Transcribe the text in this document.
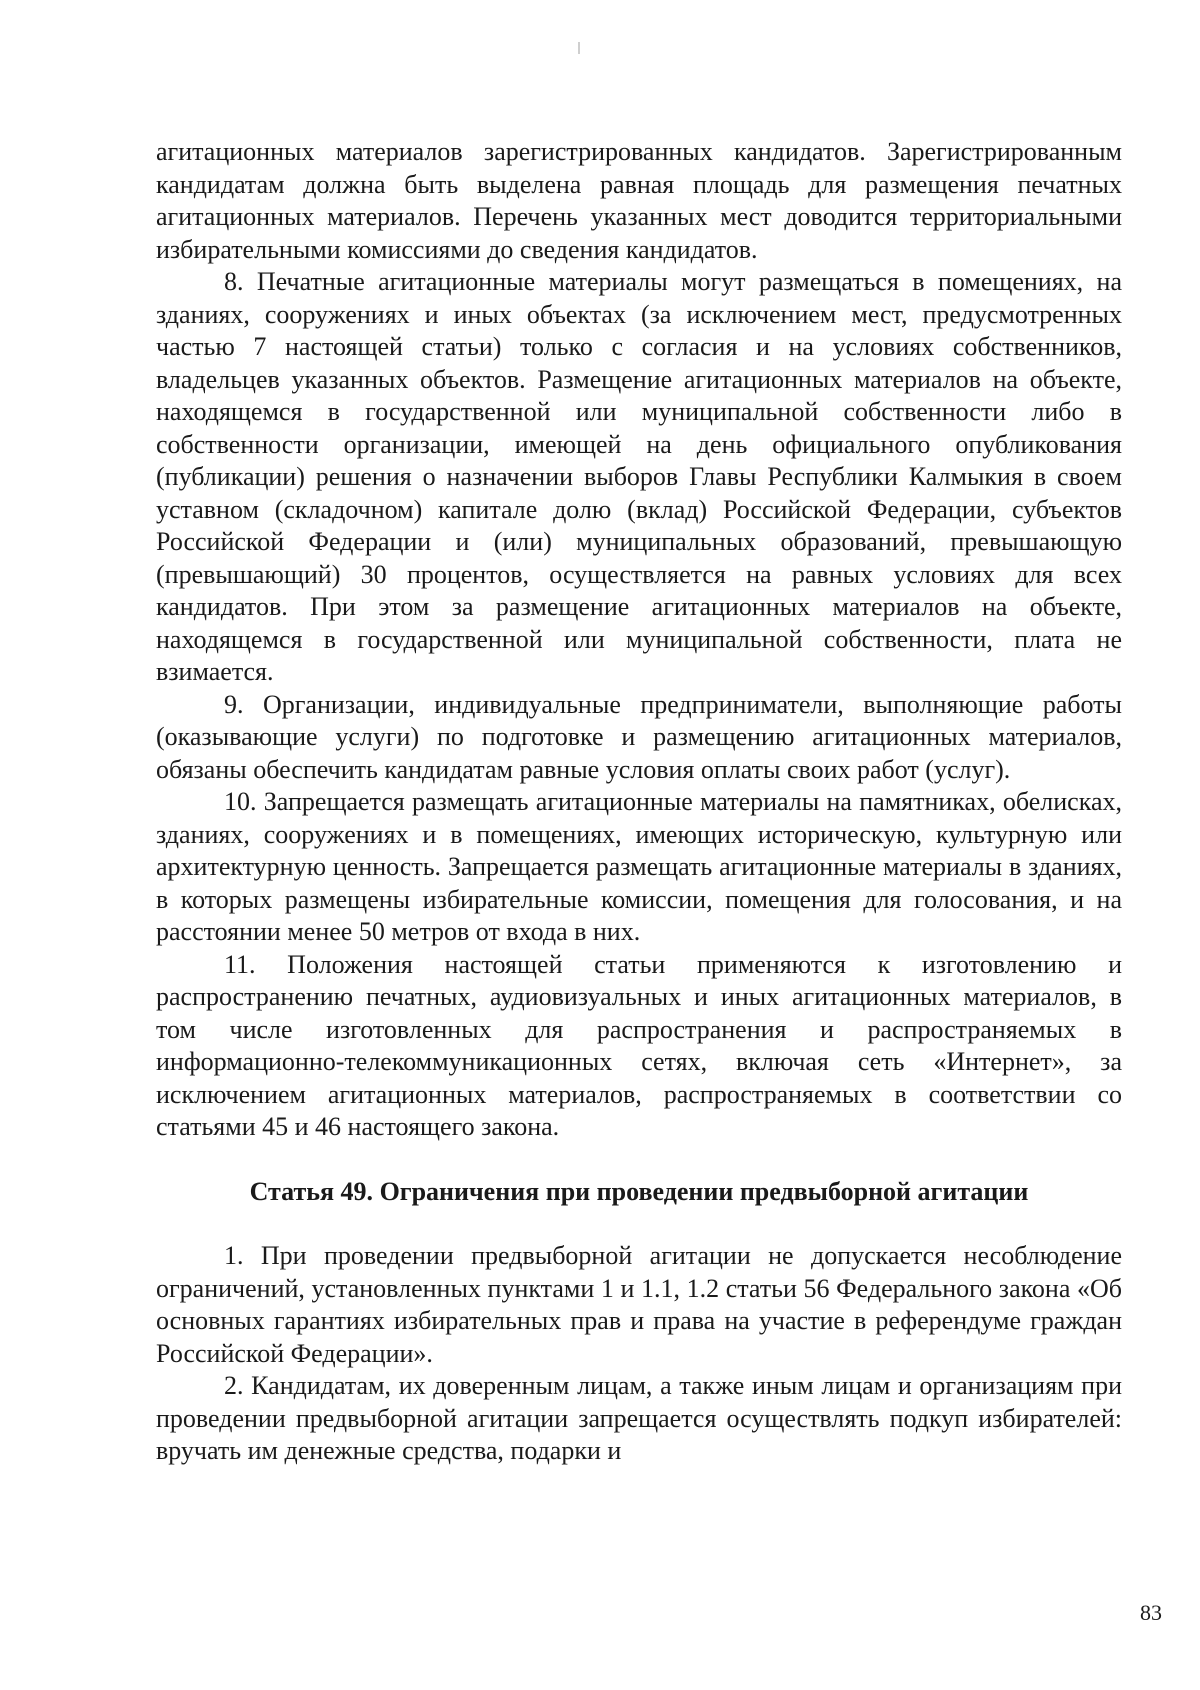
агитационных материалов зарегистрированных кандидатов. Зарегистрированным кандидатам должна быть выделена равная площадь для размещения печатных агитационных материалов. Перечень указанных мест доводится территориальными избирательными комиссиями до сведения кандидатов.

8. Печатные агитационные материалы могут размещаться в помещениях, на зданиях, сооружениях и иных объектах (за исключением мест, предусмотренных частью 7 настоящей статьи) только с согласия и на условиях собственников, владельцев указанных объектов. Размещение агитационных материалов на объекте, находящемся в государственной или муниципальной собственности либо в собственности организации, имеющей на день официального опубликования (публикации) решения о назначении выборов Главы Республики Калмыкия в своем уставном (складочном) капитале долю (вклад) Российской Федерации, субъектов Российской Федерации и (или) муниципальных образований, превышающую (превышающий) 30 процентов, осуществляется на равных условиях для всех кандидатов. При этом за размещение агитационных материалов на объекте, находящемся в государственной или муниципальной собственности, плата не взимается.

9. Организации, индивидуальные предприниматели, выполняющие работы (оказывающие услуги) по подготовке и размещению агитационных материалов, обязаны обеспечить кандидатам равные условия оплаты своих работ (услуг).

10. Запрещается размещать агитационные материалы на памятниках, обелисках, зданиях, сооружениях и в помещениях, имеющих историческую, культурную или архитектурную ценность. Запрещается размещать агитационные материалы в зданиях, в которых размещены избирательные комиссии, помещения для голосования, и на расстоянии менее 50 метров от входа в них.

11. Положения настоящей статьи применяются к изготовлению и распространению печатных, аудиовизуальных и иных агитационных материалов, в том числе изготовленных для распространения и распространяемых в информационно-телекоммуникационных сетях, включая сеть «Интернет», за исключением агитационных материалов, распространяемых в соответствии со статьями 45 и 46 настоящего закона.

Статья 49. Ограничения при проведении предвыборной агитации

1. При проведении предвыборной агитации не допускается несоблюдение ограничений, установленных пунктами 1 и 1.1, 1.2 статьи 56 Федерального закона «Об основных гарантиях избирательных прав и права на участие в референдуме граждан Российской Федерации».

2. Кандидатам, их доверенным лицам, а также иным лицам и организациям при проведении предвыборной агитации запрещается осуществлять подкуп избирателей: вручать им денежные средства, подарки и

83
